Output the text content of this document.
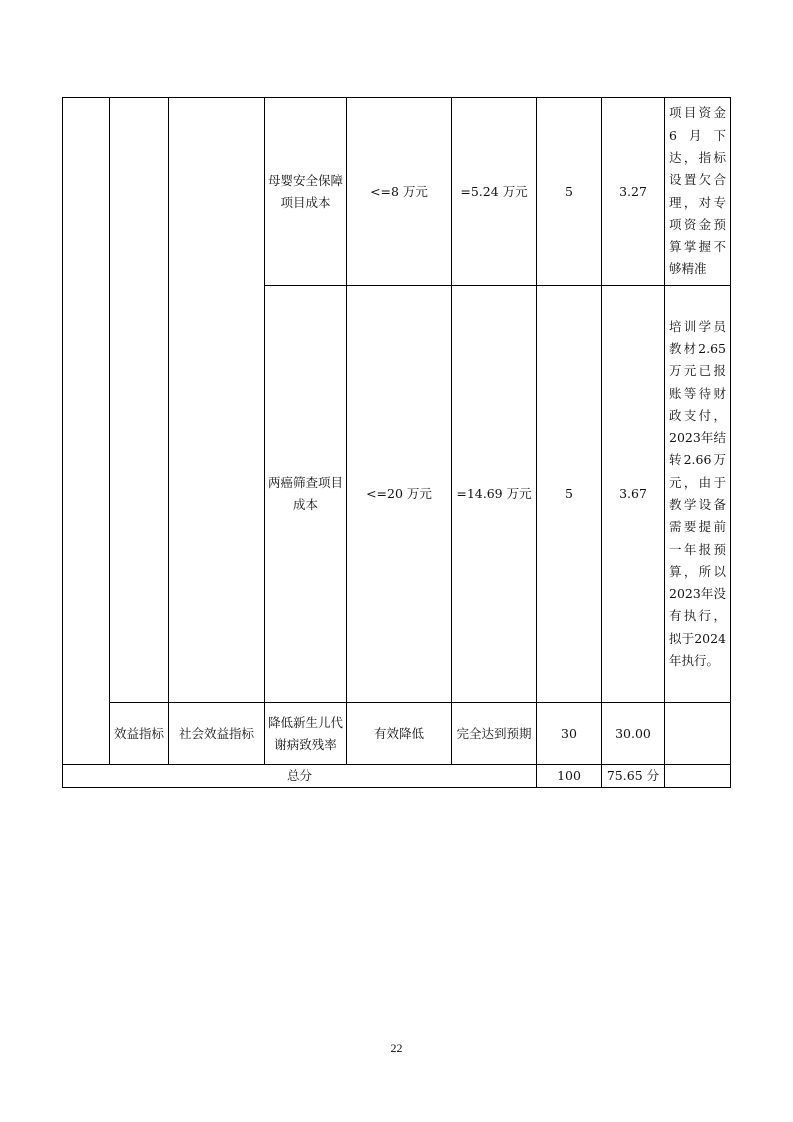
			母婴安全保障项目成本	<=8 万元	=5.24 万元	5	3.27	项目资金6月下达，指标设置欠合理，对专项资金预算掌握不够精准
			两癌筛查项目成本	<=20 万元	=14.69 万元	5	3.67	培训学员教材2.65万元已报账等待财政支付，2023年结转2.66万元，由于教学设备需要提前一年报预算，所以2023年没有执行，拟于2024年执行。
	效益指标	社会效益指标	降低新生儿代谢病致残率	有效降低	完全达到预期	30	30.00	
总分						100	75.65 分	
22
